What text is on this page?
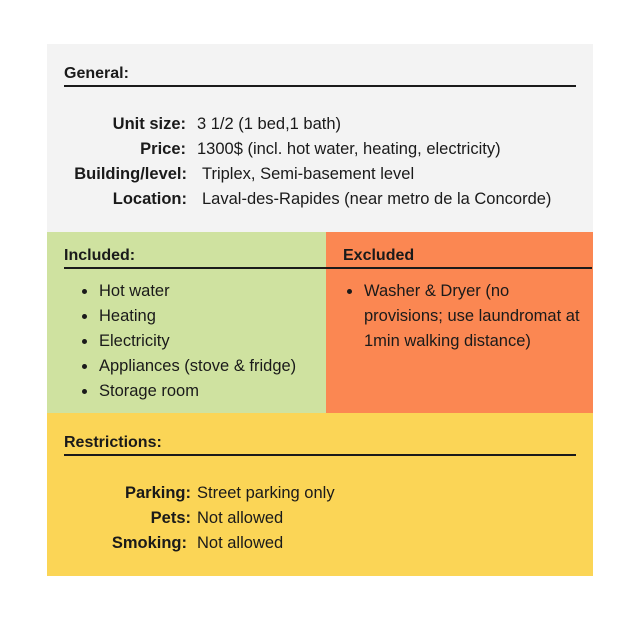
General:
Unit size: 3 1/2 (1 bed,1 bath)
Price: 1300$ (incl. hot water, heating, electricity)
Building/level: Triplex, Semi-basement level
Location: Laval-des-Rapides (near metro de la Concorde)
Included:	Excluded
Hot water
Heating
Electricity
Appliances (stove & fridge)
Storage room
Washer & Dryer (no provisions; use laundromat at 1min walking distance)
Restrictions:
Parking: Street parking only
Pets: Not allowed
Smoking: Not allowed
